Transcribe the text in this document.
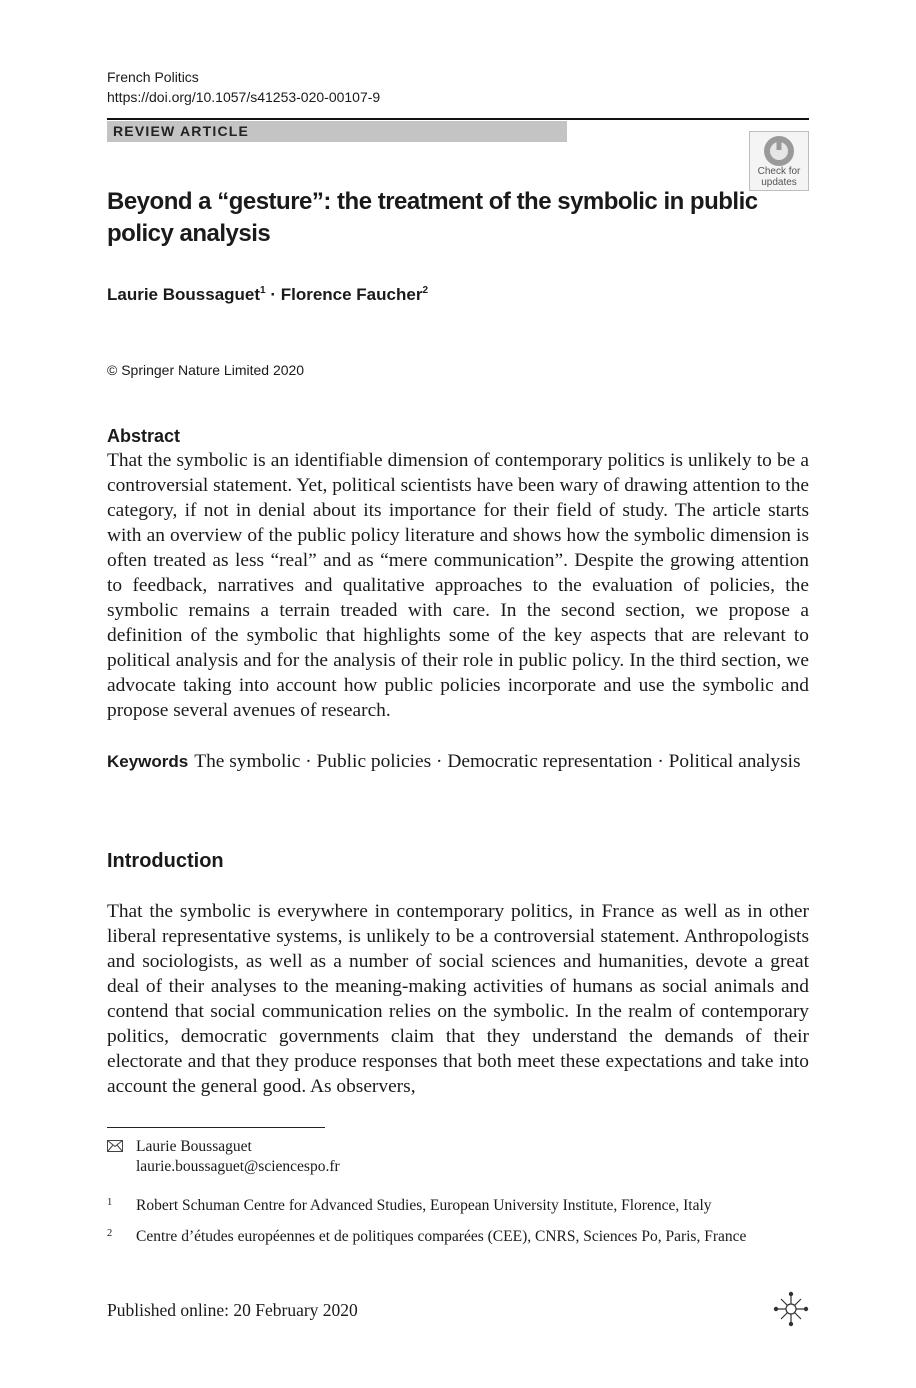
French Politics
https://doi.org/10.1057/s41253-020-00107-9
REVIEW ARTICLE
Check for
updates
Beyond a “gesture”: the treatment of the symbolic in public policy analysis
Laurie Boussaguet$^1$ · Florence Faucher$^2$
© Springer Nature Limited 2020
Abstract

That the symbolic is an identifiable dimension of contemporary politics is unlikely to be a controversial statement. Yet, political scientists have been wary of drawing attention to the category, if not in denial about its importance for their field of study. The article starts with an overview of the public policy literature and shows how the symbolic dimension is often treated as less “real” and as “mere communication”. Despite the growing attention to feedback, narratives and qualitative approaches to the evaluation of policies, the symbolic remains a terrain treaded with care. In the second section, we propose a definition of the symbolic that highlights some of the key aspects that are relevant to political analysis and for the analysis of their role in public policy. In the third section, we advocate taking into account how public policies incorporate and use the symbolic and propose several avenues of research.

Keywords The symbolic · Public policies · Democratic representation · Political analysis

Introduction

That the symbolic is everywhere in contemporary politics, in France as well as in other liberal representative systems, is unlikely to be a controversial statement. Anthropologists and sociologists, as well as a number of social sciences and humanities, devote a great deal of their analyses to the meaning-making activities of humans as social animals and contend that social communication relies on the symbolic. In the realm of contemporary politics, democratic governments claim that they understand the demands of their electorate and that they produce responses that both meet these expectations and take into account the general good. As observers,

Laurie Boussaguet
laurie.boussaguet@sciencespo.fr
1 Robert Schuman Centre for Advanced Studies, European University Institute, Florence, Italy
2 Centre d’études européennes et de politiques comparées (CEE), CNRS, Sciences Po, Paris, France
Published online: 20 February 2020
